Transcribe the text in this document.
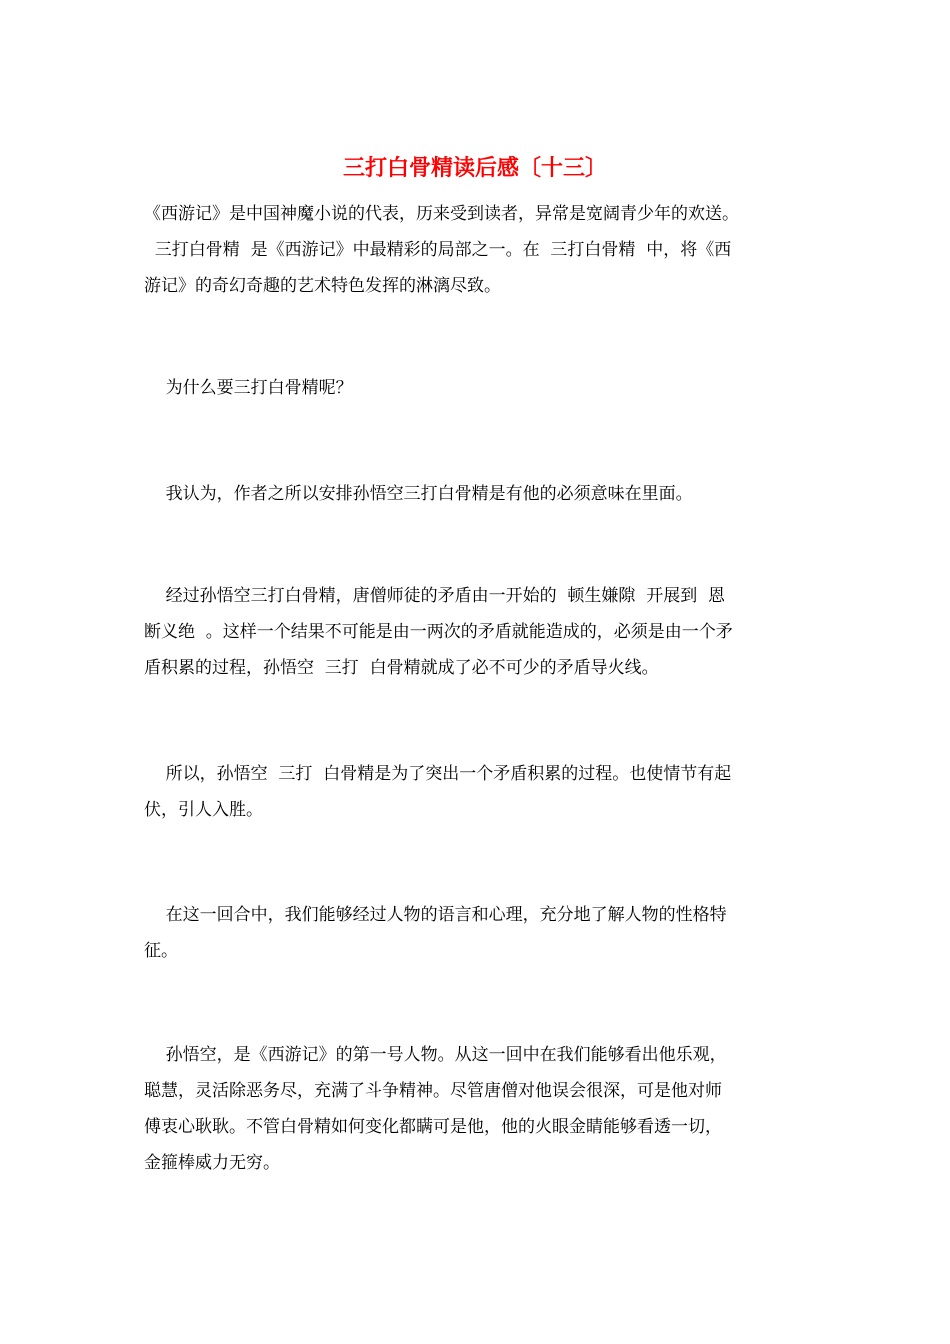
三打白骨精读后感〔十三〕
《西游记》是中国神魔小说的代表，历来受到读者，异常是宽阔青少年的欢送。
三打白骨精  是《西游记》中最精彩的局部之一。在  三打白骨精  中，将《西
游记》的奇幻奇趣的艺术特色发挥的淋漓尽致。
为什么要三打白骨精呢？
我认为，作者之所以安排孙悟空三打白骨精是有他的必须意味在里面。
经过孙悟空三打白骨精，唐僧师徒的矛盾由一开始的  顿生嫌隙  开展到  恩
断义绝  。这样一个结果不可能是由一两次的矛盾就能造成的，必须是由一个矛
盾积累的过程，孙悟空  三打  白骨精就成了必不可少的矛盾导火线。
所以，孙悟空  三打  白骨精是为了突出一个矛盾积累的过程。也使情节有起
伏，引人入胜。
在这一回合中，我们能够经过人物的语言和心理，充分地了解人物的性格特
征。
孙悟空，是《西游记》的第一号人物。从这一回中在我们能够看出他乐观，
聪慧，灵活除恶务尽，充满了斗争精神。尽管唐僧对他误会很深，可是他对师
傅衷心耿耿。不管白骨精如何变化都瞒可是他，他的火眼金睛能够看透一切，
金箍棒威力无穷。
